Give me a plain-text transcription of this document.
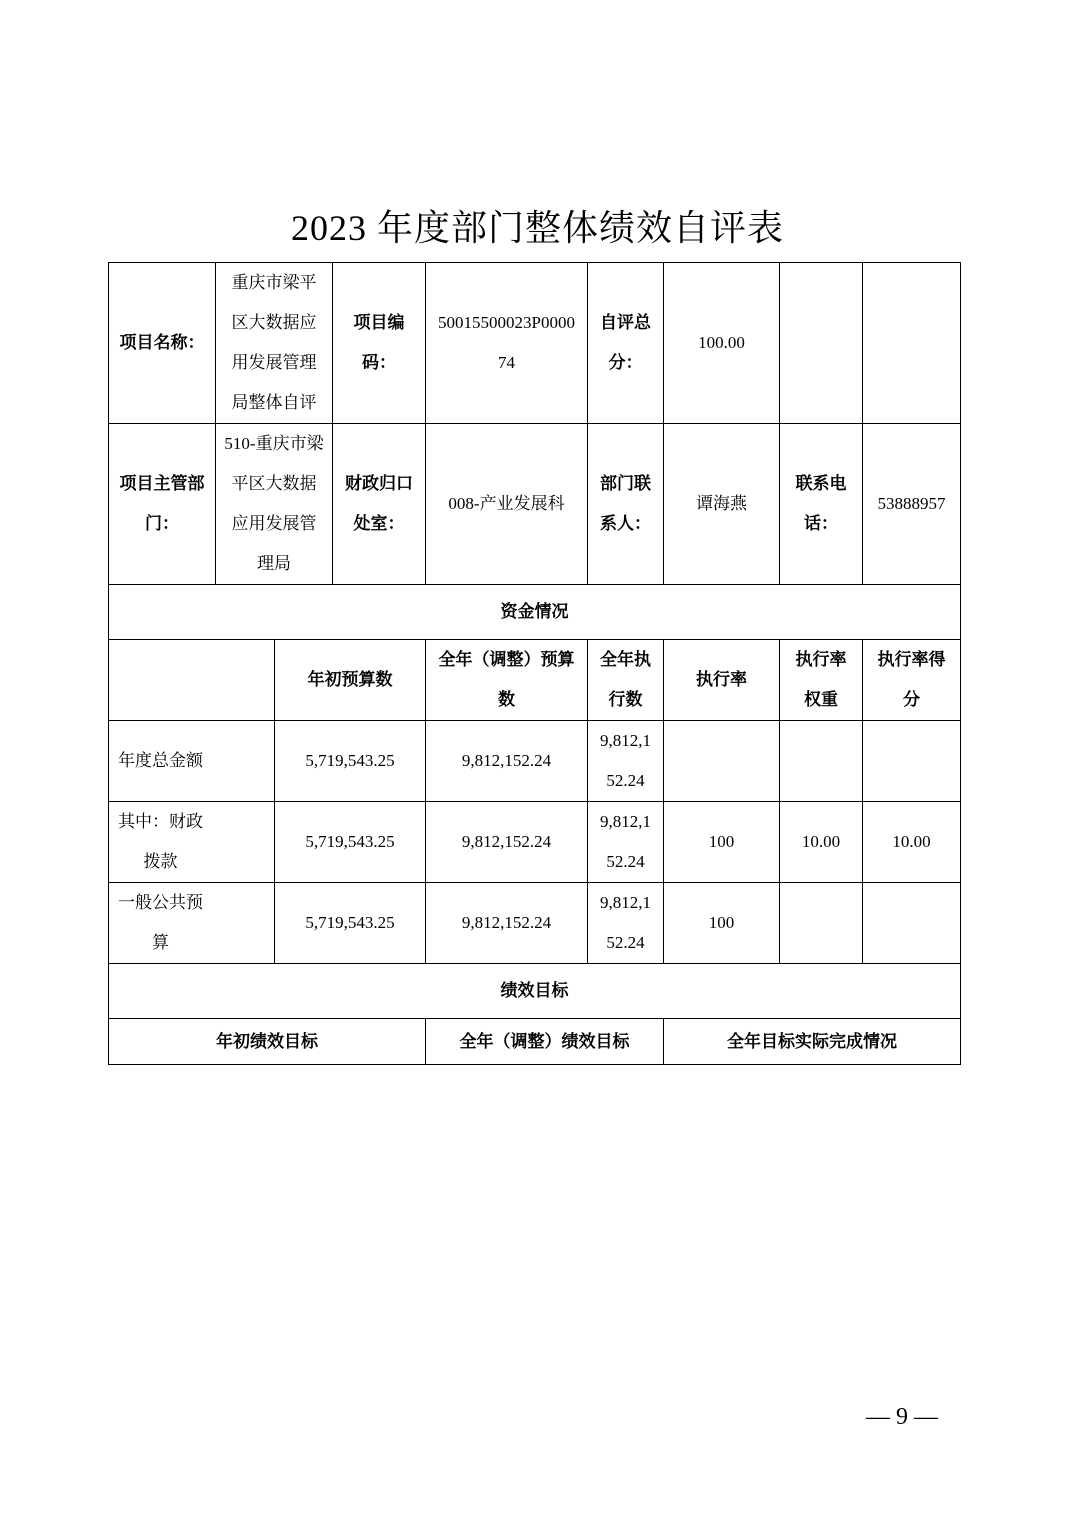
2023 年度部门整体绩效自评表
项目名称：	重庆市梁平区大数据应用发展管理局整体自评		项目编码：	50015500023P000074	自评总分：	100.00		
项目主管部门：	510-重庆市梁平区大数据应用发展管理局		财政归口处室：	008-产业发展科	部门联系人：	谭海燕	联系电话：	53888957
资金情况								
		年初预算数		全年（调整）预算数	全年执行数	执行率	执行率权重	执行率得分
年度总金额		5,719,543.25		9,812,152.24	9,812,152.24			
其中：财政拨款		5,719,543.25		9,812,152.24	9,812,152.24	100	10.00	10.00
一般公共预算		5,719,543.25		9,812,152.24	9,812,152.24	100		
绩效目标								
年初绩效目标				全年（调整）绩效目标		全年目标实际完成情况		
— 9 —
